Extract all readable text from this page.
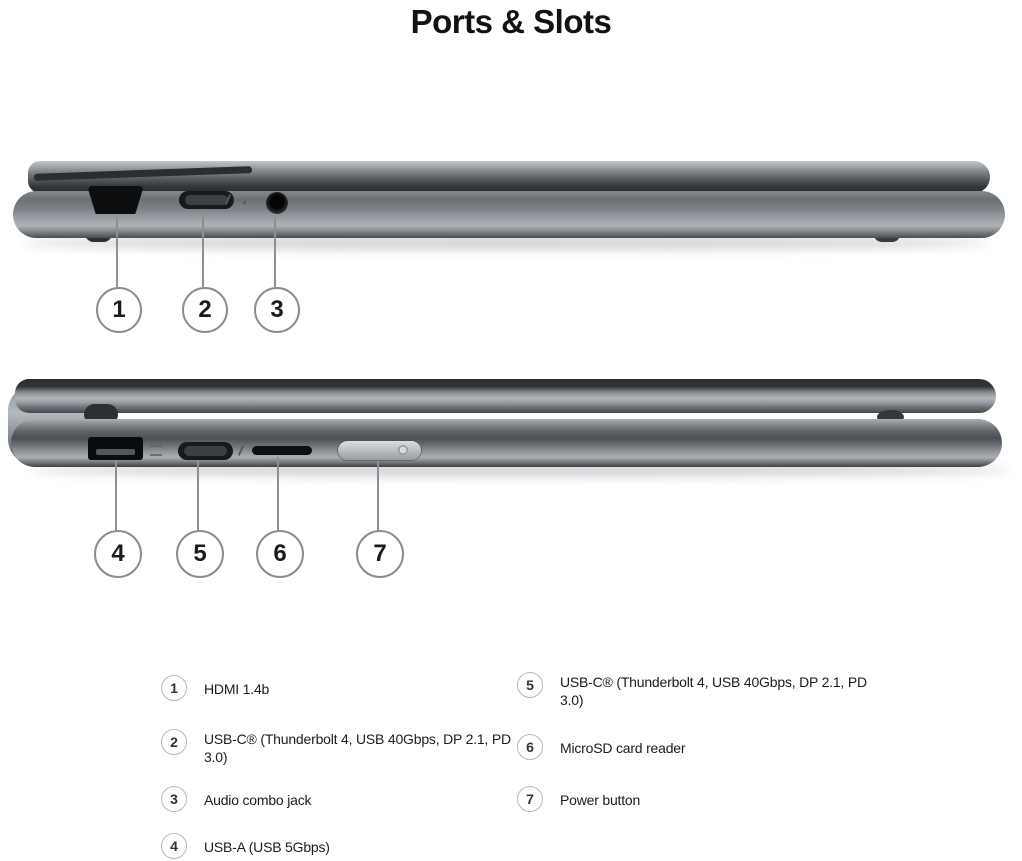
Ports & Slots
1	2 3
4	5	6	7
1	HDMI 1.4b
2	USB-C® (Thunderbolt 4, USB 40Gbps, DP 2.1, PD 3.0)
3	Audio combo jack
4	USB-A (USB 5Gbps)
5	USB-C® (Thunderbolt 4, USB 40Gbps, DP 2.1, PD 3.0)
6	MicroSD card reader
7	Power button
